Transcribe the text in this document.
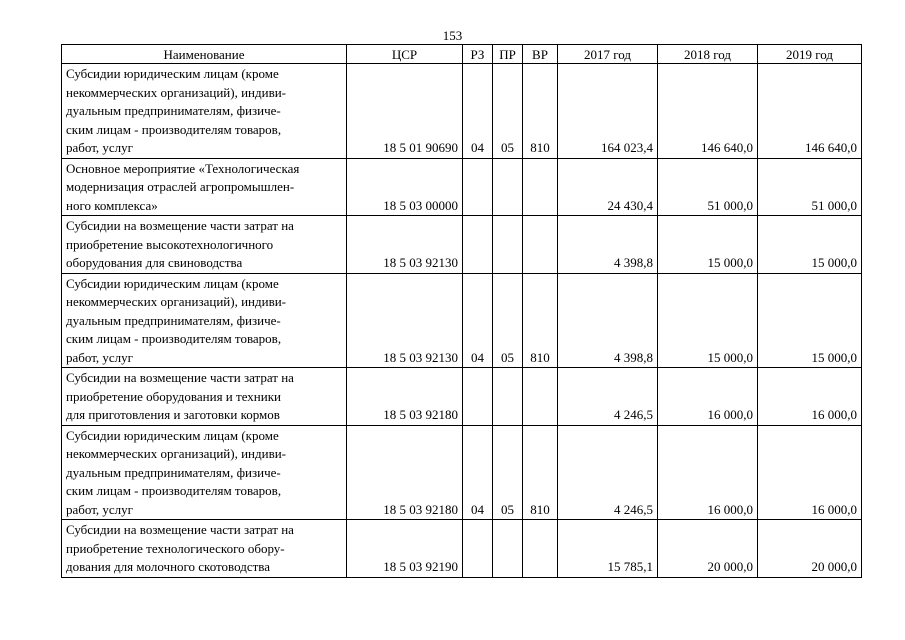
153
Наименование	ЦСР	РЗ	ПР	ВР	2017 год	2018 год	2019 год
Субсидии юридическим лицам (кроме
некоммерческих организаций), индиви-
дуальным предпринимателям, физиче-
ским лицам - производителям товаров,
работ, услуг	18 5 01 90690	04	05	810	164 023,4	146 640,0	146 640,0
Основное мероприятие «Технологическая
модернизация отраслей агропромышлен-
ного комплекса»	18 5 03 00000				24 430,4	51 000,0	51 000,0
Субсидии на возмещение части затрат на
приобретение высокотехнологичного
оборудования для свиноводства	18 5 03 92130				4 398,8	15 000,0	15 000,0
Субсидии юридическим лицам (кроме
некоммерческих организаций), индиви-
дуальным предпринимателям, физиче-
ским лицам - производителям товаров,
работ, услуг	18 5 03 92130	04	05	810	4 398,8	15 000,0	15 000,0
Субсидии на возмещение части затрат на
приобретение оборудования и техники
для приготовления и заготовки кормов	18 5 03 92180				4 246,5	16 000,0	16 000,0
Субсидии юридическим лицам (кроме
некоммерческих организаций), индиви-
дуальным предпринимателям, физиче-
ским лицам - производителям товаров,
работ, услуг	18 5 03 92180	04	05	810	4 246,5	16 000,0	16 000,0
Субсидии на возмещение части затрат на
приобретение технологического обору-
дования для молочного скотоводства	18 5 03 92190				15 785,1	20 000,0	20 000,0
